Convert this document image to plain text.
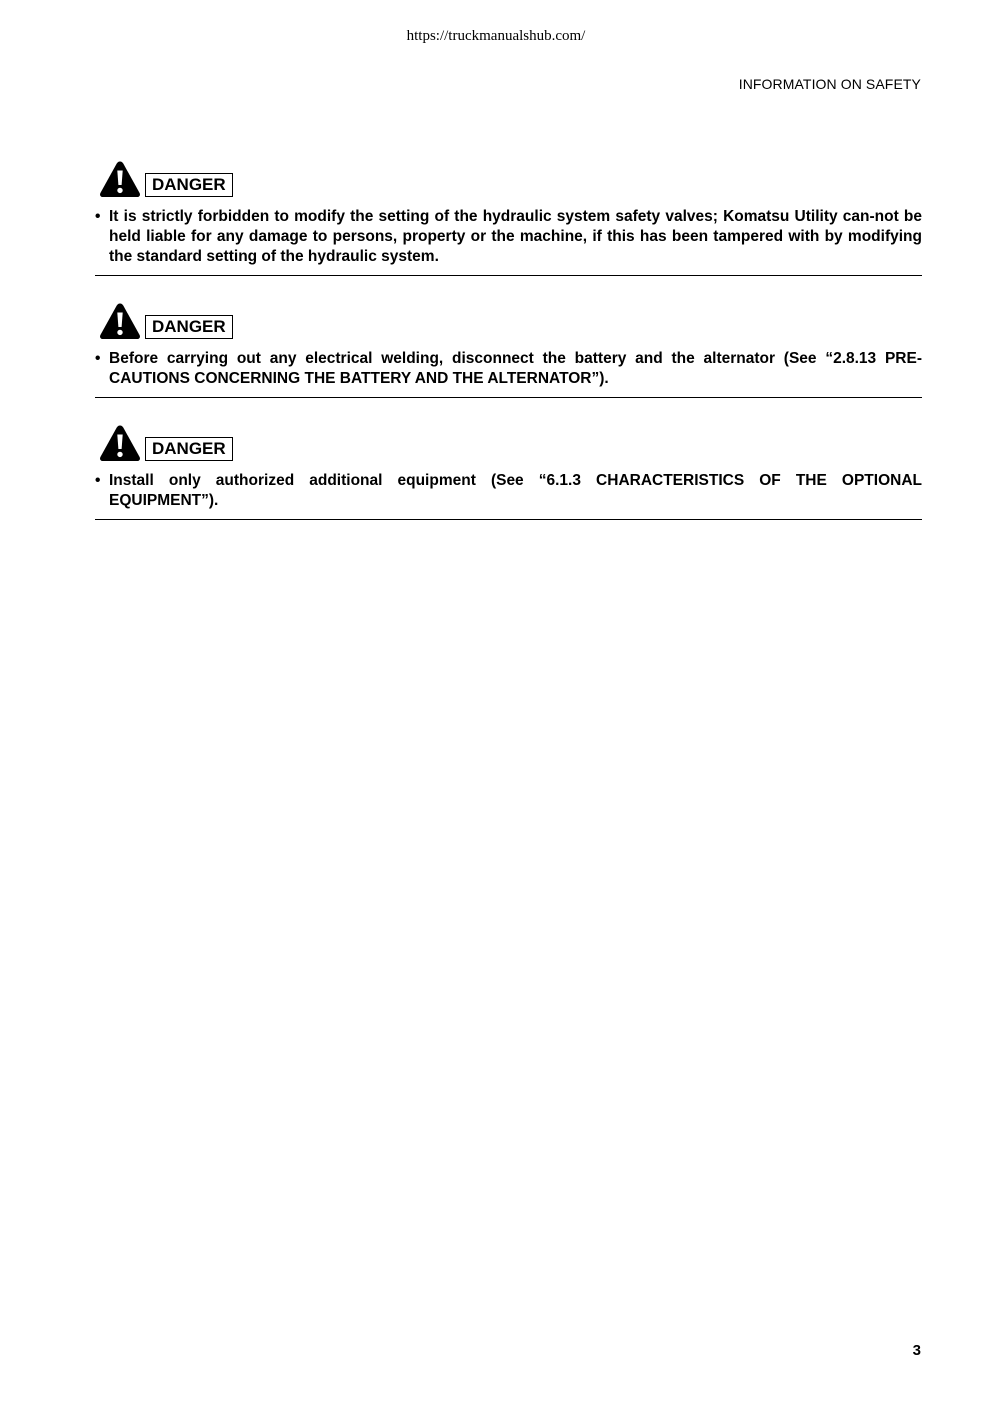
https://truckmanualshub.com/
INFORMATION ON SAFETY
DANGER
• It is strictly forbidden to modify the setting of the hydraulic system safety valves; Komatsu Utility can-not be held liable for any damage to persons, property or the machine, if this has been tampered with by modifying the standard setting of the hydraulic system.
DANGER
• Before carrying out any electrical welding, disconnect the battery and the alternator (See “2.8.13 PRE-CAUTIONS CONCERNING THE BATTERY AND THE ALTERNATOR”).
DANGER
• Install only authorized additional equipment (See “6.1.3 CHARACTERISTICS OF THE OPTIONAL EQUIPMENT”).
3
